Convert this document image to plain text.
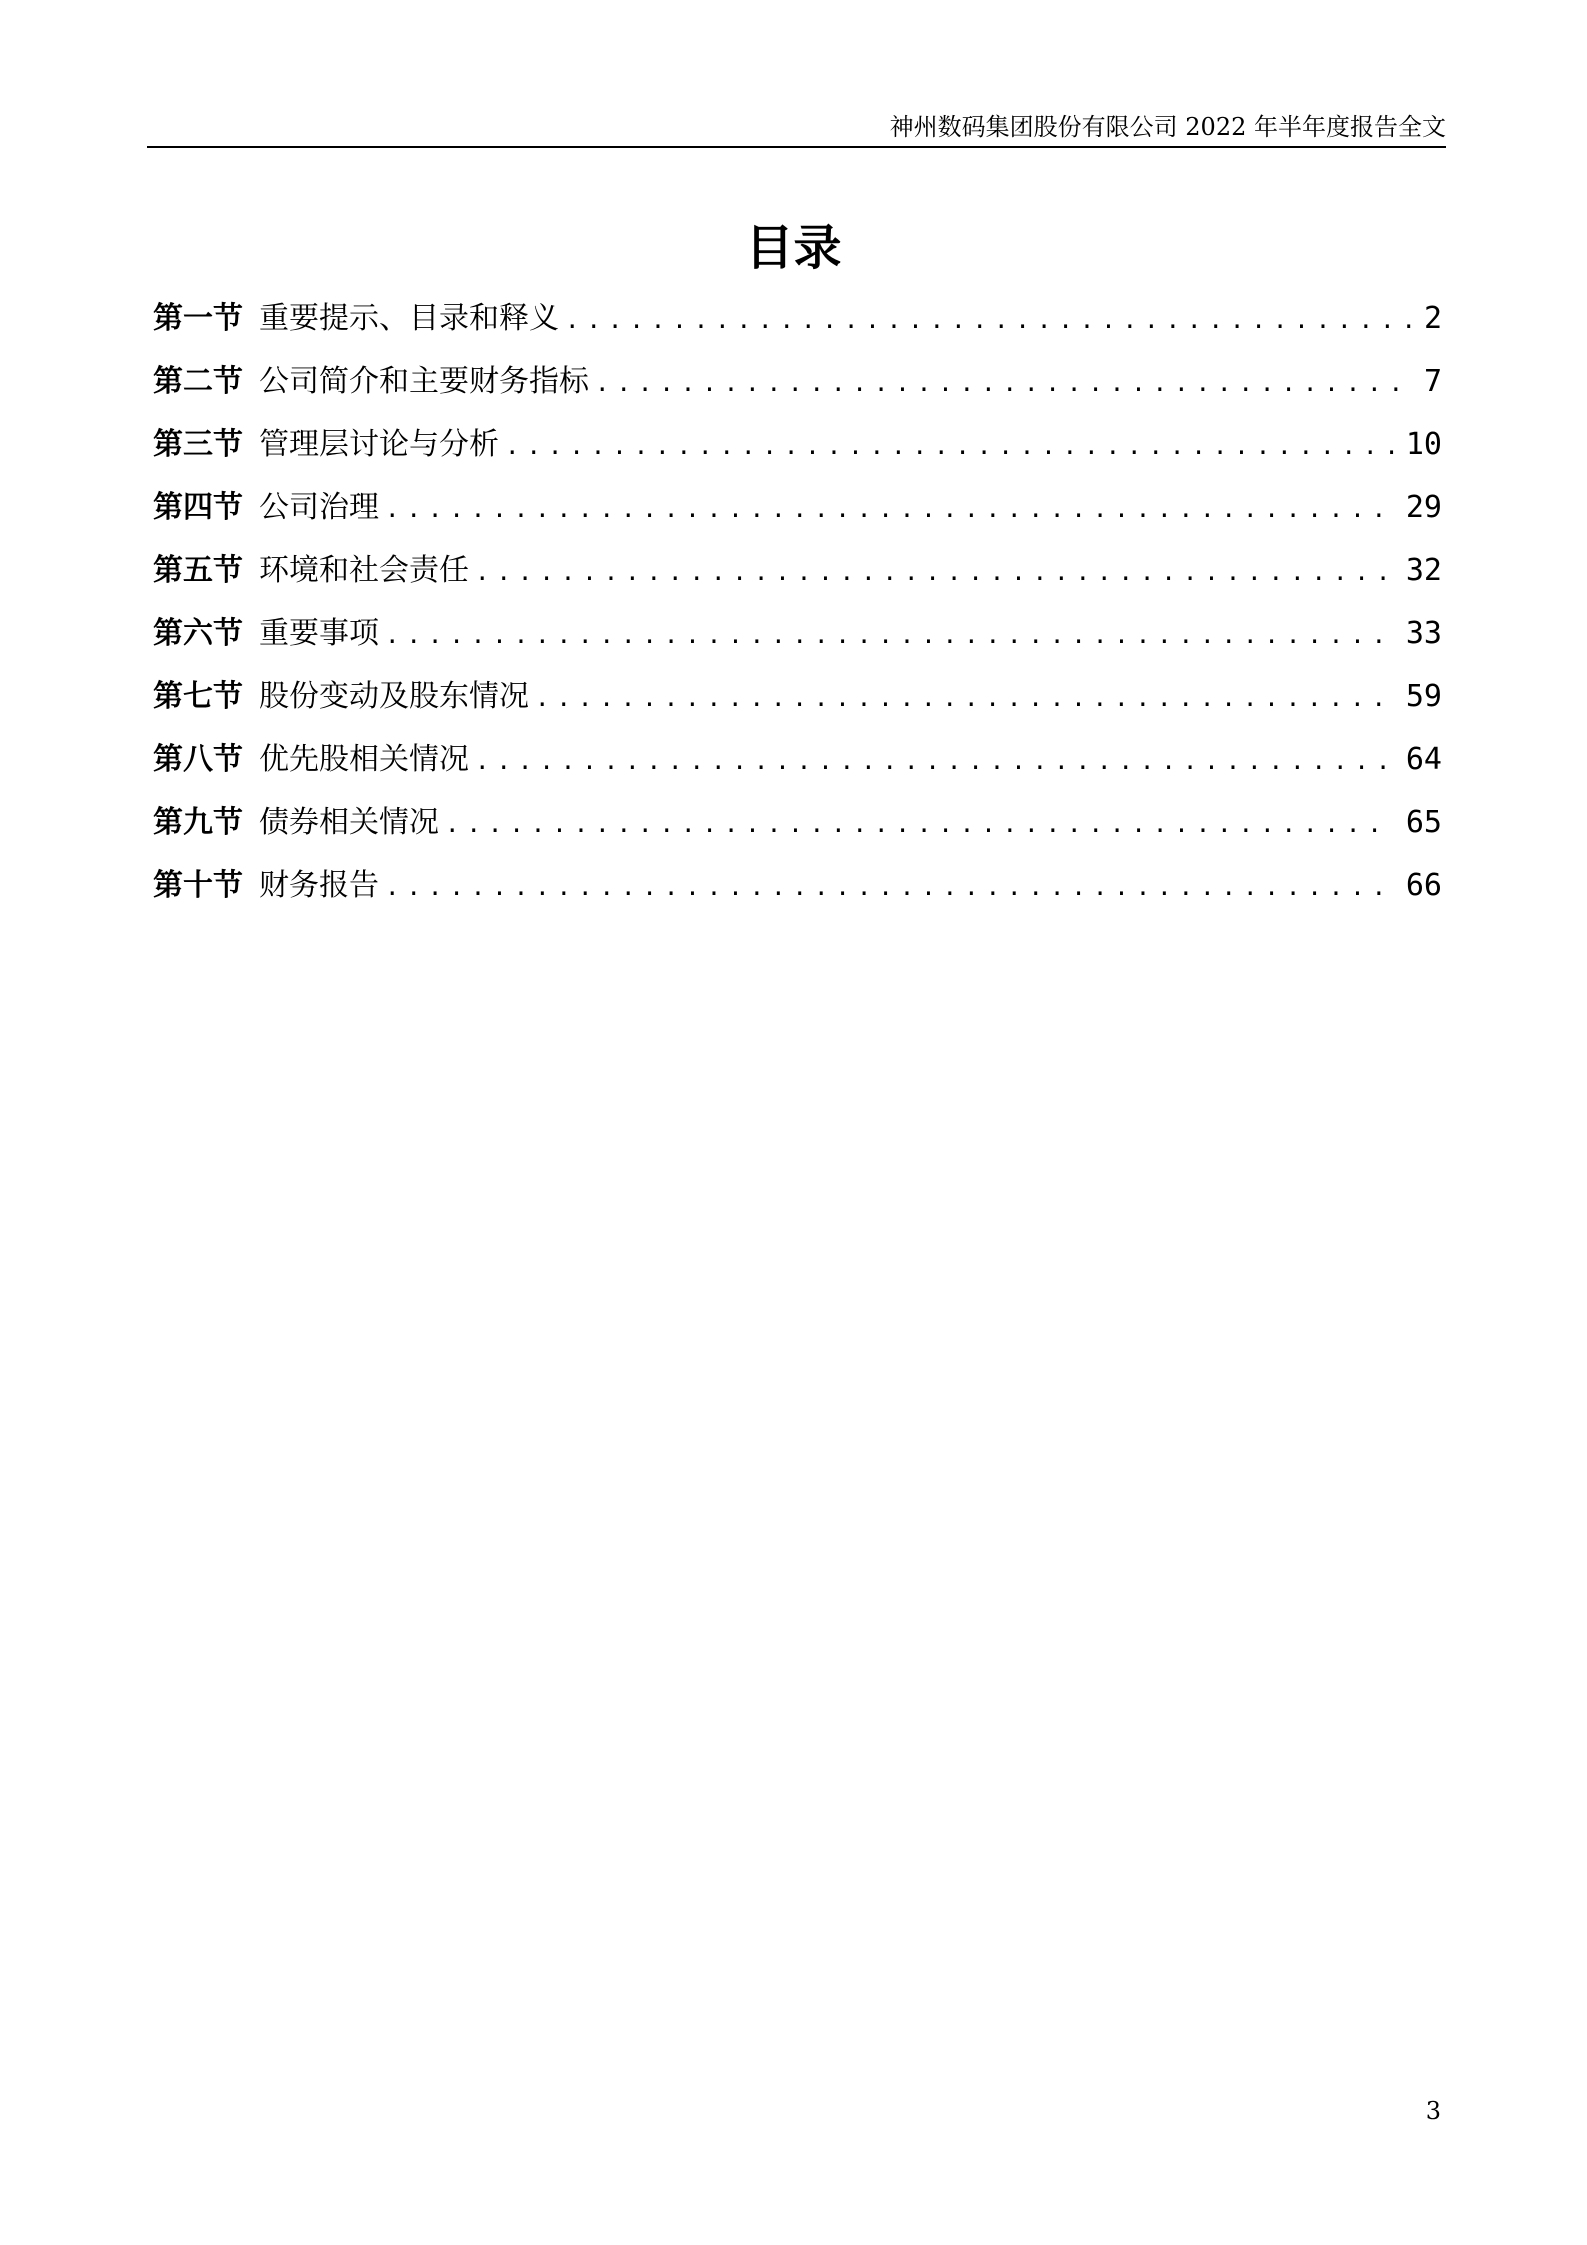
神州数码集团股份有限公司 2022 年半年度报告全文
目录
第一节 重要提示、目录和释义 .....	2
第二节 公司简介和主要财务指标 .....	7
第三节 管理层讨论与分析 .....	10
第四节 公司治理 .....	29
第五节 环境和社会责任 .....	32
第六节 重要事项 .....	33
第七节 股份变动及股东情况 .....	59
第八节 优先股相关情况 .....	64
第九节 债券相关情况 .....	65
第十节 财务报告 .....	66
3
